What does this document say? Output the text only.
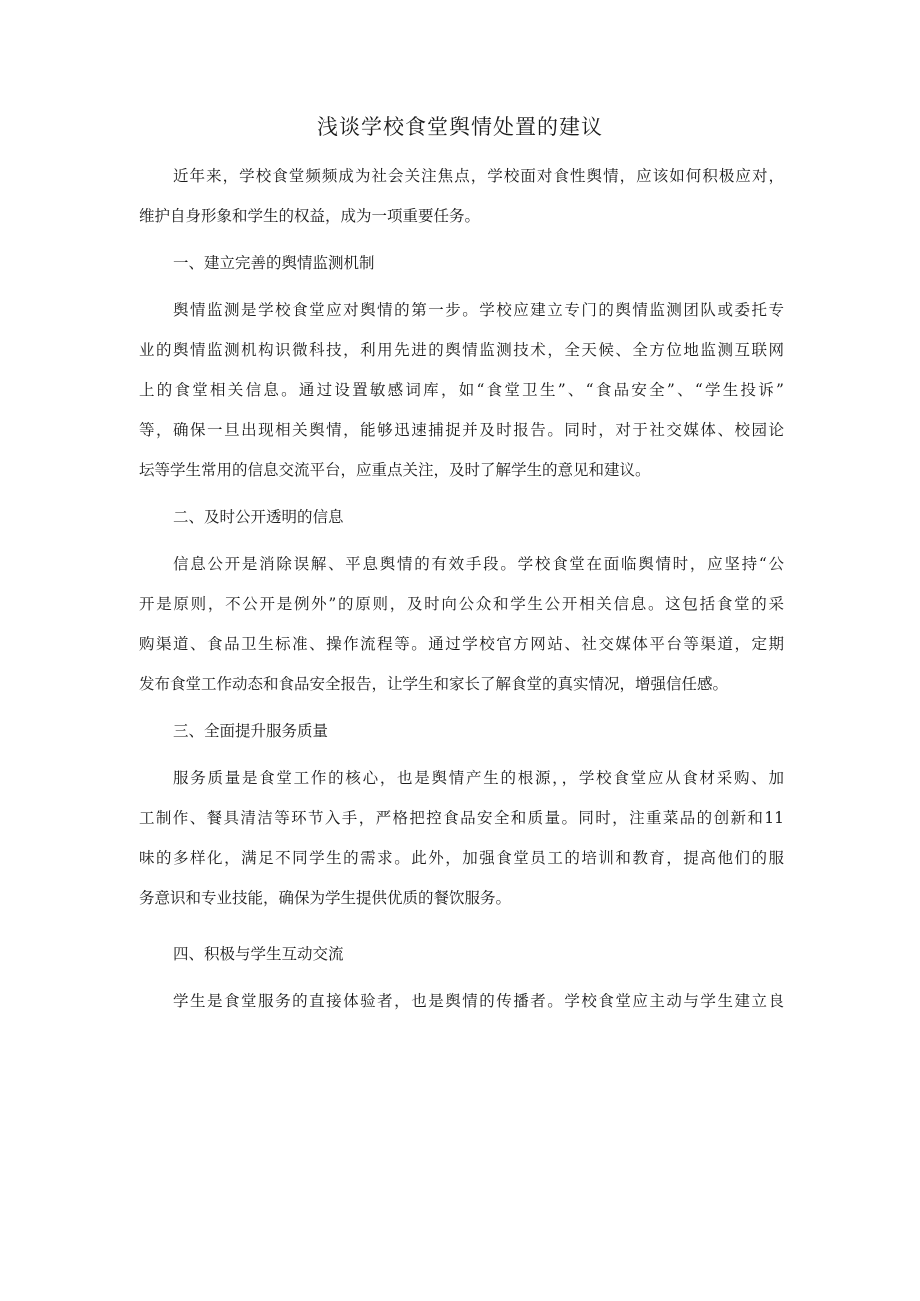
浅谈学校食堂舆情处置的建议
近年来，学校食堂频频成为社会关注焦点，学校面对食性舆情，应该如何积极应对，
维护自身形象和学生的权益，成为一项重要任务。
一、建立完善的舆情监测机制
舆情监测是学校食堂应对舆情的第一步。学校应建立专门的舆情监测团队或委托专
业的舆情监测机构识微科技，利用先进的舆情监测技术，全天候、全方位地监测互联网
上的食堂相关信息。通过设置敏感词库，如“食堂卫生”、“食品安全”、“学生投诉”
等，确保一旦出现相关舆情，能够迅速捕捉并及时报告。同时，对于社交媒体、校园论
坛等学生常用的信息交流平台，应重点关注，及时了解学生的意见和建议。
二、及时公开透明的信息
信息公开是消除误解、平息舆情的有效手段。学校食堂在面临舆情时，应坚持“公
开是原则，不公开是例外”的原则，及时向公众和学生公开相关信息。这包括食堂的采
购渠道、食品卫生标准、操作流程等。通过学校官方网站、社交媒体平台等渠道，定期
发布食堂工作动态和食品安全报告，让学生和家长了解食堂的真实情况，增强信任感。
三、全面提升服务质量
服务质量是食堂工作的核心，也是舆情产生的根源，，学校食堂应从食材采购、加
工制作、餐具清洁等环节入手，严格把控食品安全和质量。同时，注重菜品的创新和11
味的多样化，满足不同学生的需求。此外，加强食堂员工的培训和教育，提高他们的服
务意识和专业技能，确保为学生提供优质的餐饮服务。
四、积极与学生互动交流
学生是食堂服务的直接体验者，也是舆情的传播者。学校食堂应主动与学生建立良
